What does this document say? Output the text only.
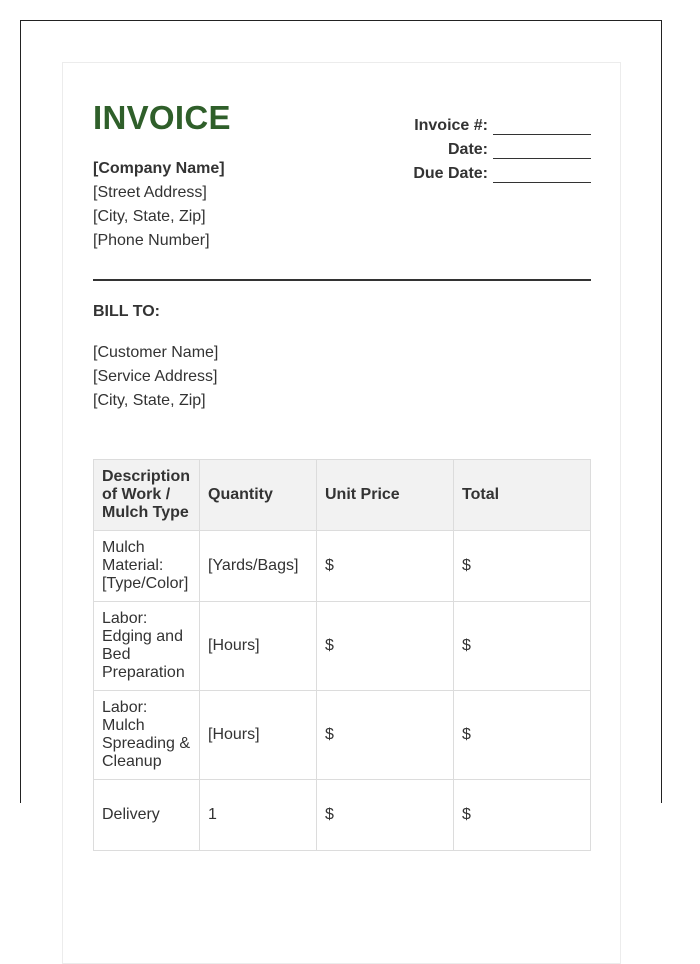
INVOICE	Invoice #:
Date:
Due Date:
[Company Name]
[Street Address]
[City, State, Zip]
[Phone Number]
BILL TO:
[Customer Name]
[Service Address]
[City, State, Zip]
Description of Work / Mulch Type	Quantity	Unit Price	Total
Mulch Material: [Type/Color]	[Yards/Bags]	$	$
Labor: Edging and Bed Preparation	[Hours]	$	$
Labor: Mulch Spreading & Cleanup	[Hours]	$	$
Delivery	1	$	$
